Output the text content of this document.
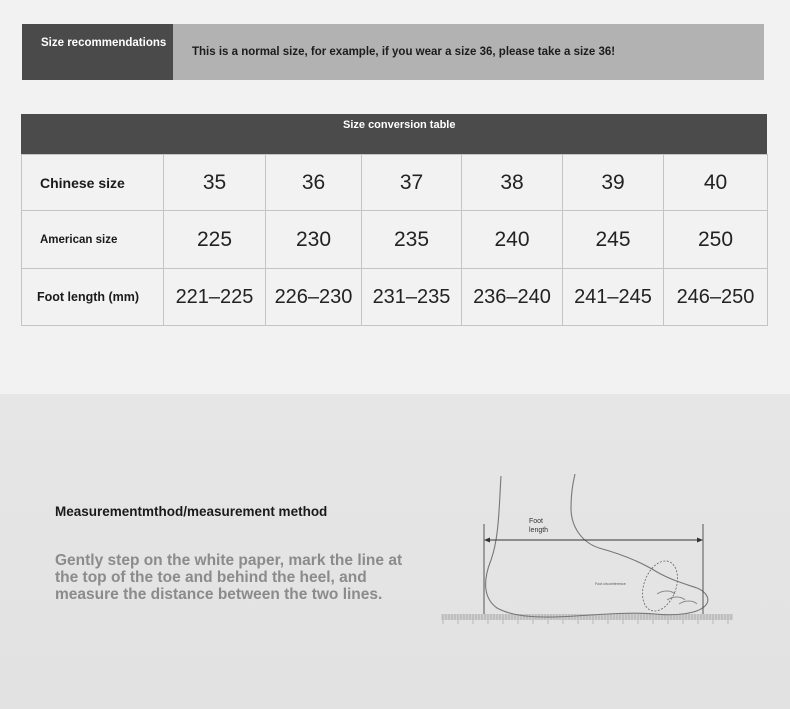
Size recommendations
This is a normal size, for example, if you wear a size 36, please take a size 36!
Size conversion table
Chinese size	35	36	37	38	39	40
American size	225	230	235	240	245	250
Foot length (mm)	221–225	226–230	231–235	236–240	241–245	246–250
Measurementmthod/measurement method
Gently step on the white paper, mark the line at the top of the toe and behind the heel, and measure the distance between the two lines.
Foot length
Foot circumference
